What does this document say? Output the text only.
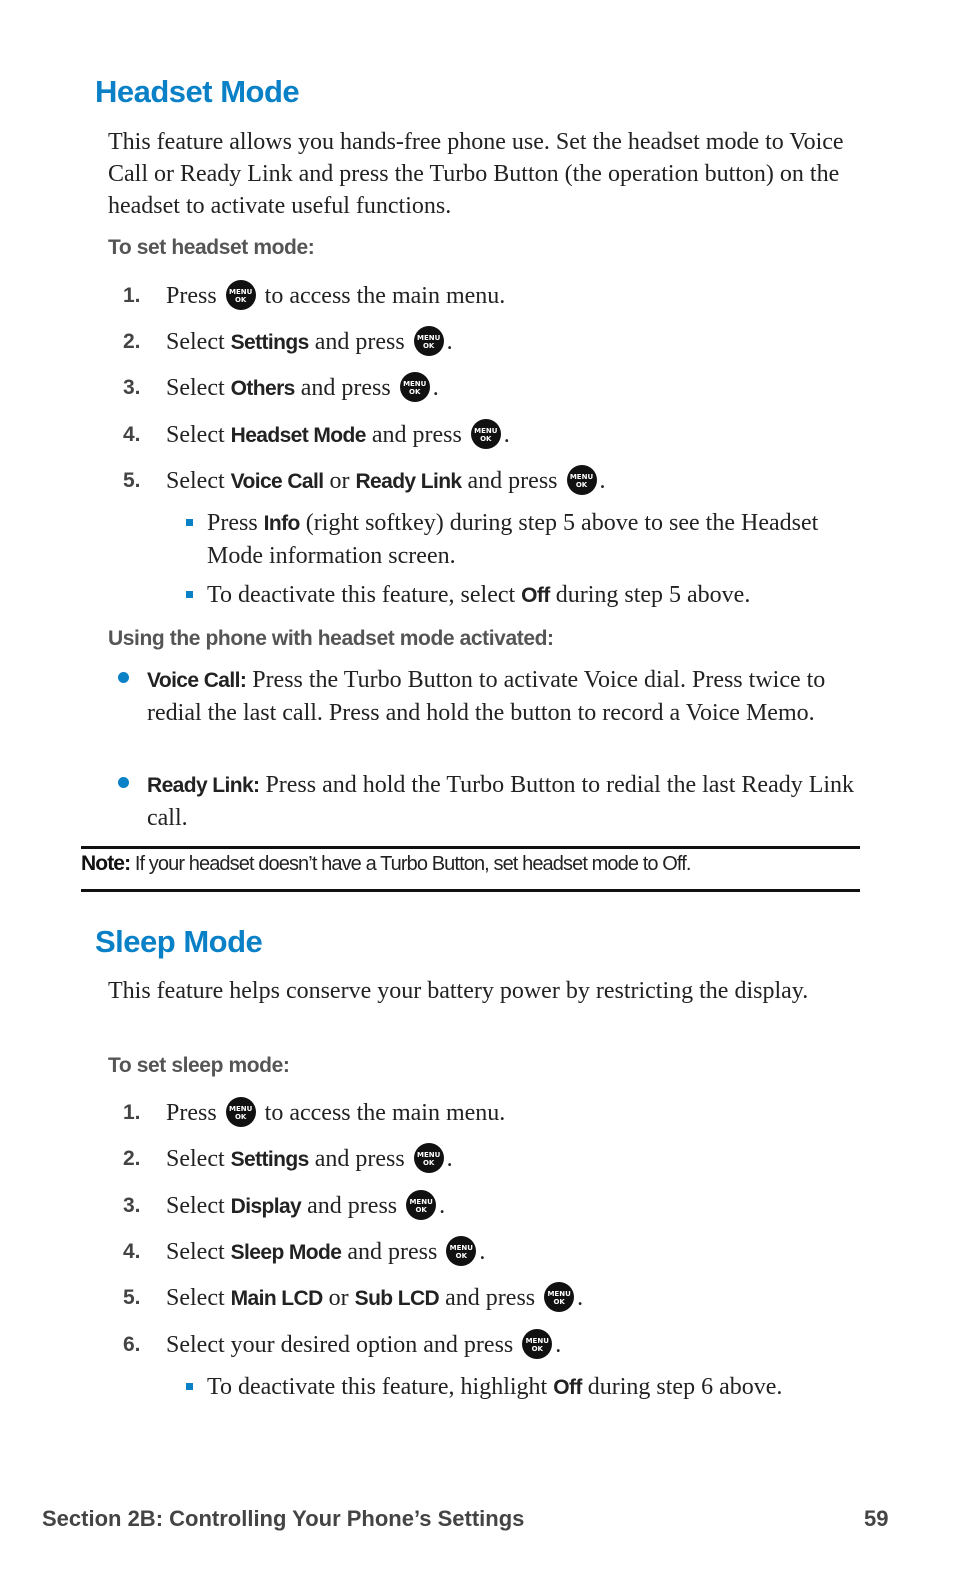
Headset Mode

This feature allows you hands-free phone use. Set the headset mode to Voice Call or Ready Link and press the Turbo Button (the operation button) on the headset to activate useful functions.

To set headset mode:
1. Press MENU
OK to access the main menu.
2. Select Settings and press MENU
OK .
3. Select Others and press MENU
OK .
4. Select Headset Mode and press MENU
OK .
5. Select Voice Call or Ready Link and press MENU
OK .
Press Info (right softkey) during step 5 above to see the Headset Mode information screen.
To deactivate this feature, select Off during step 5 above.
Using the phone with headset mode activated:
Voice Call: Press the Turbo Button to activate Voice dial. Press twice to redial the last call. Press and hold the button to record a Voice Memo.
Ready Link: Press and hold the Turbo Button to redial the last Ready Link call.
Note: If your headset doesn’t have a Turbo Button, set headset mode to Off.
Sleep Mode

This feature helps conserve your battery power by restricting the display.

To set sleep mode:
1. Press MENU
OK to access the main menu.
2. Select Settings and press MENU
OK .
3. Select Display and press MENU
OK .
4. Select Sleep Mode and press MENU
OK .
5. Select Main LCD or Sub LCD and press MENU
OK .
6. Select your desired option and press MENU
OK .
To deactivate this feature, highlight Off during step 6 above.
Section 2B: Controlling Your Phone’s Settings	59
